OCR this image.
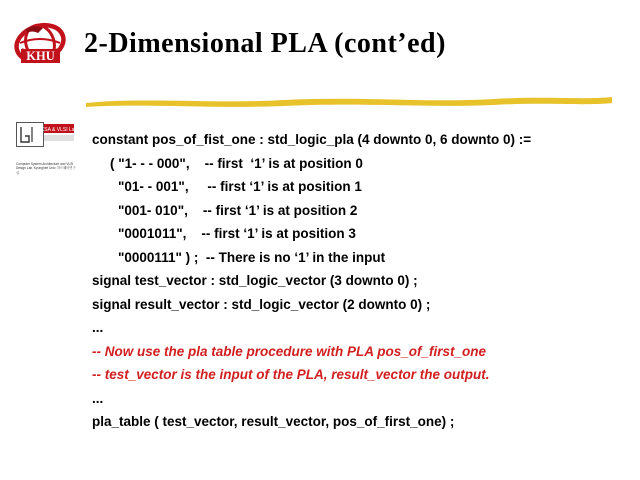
KHU 2-Dimensional PLA (cont’ed)
CSA & VLSI Lab
Computer System Architecture and VLSI Design Lab. Kyunghee Univ. 하드웨어연구실
constant pos_of_fist_one : std_logic_pla (4 downto 0, 6 downto 0) :=
( "1- - - 000",    -- first  ‘1’ is at position 0
"01- - 001",     -- first ‘1’ is at position 1
"001- 010",    -- first ‘1’ is at position 2
"0001011",    -- first ‘1’ is at position 3
"0000111" ) ;  -- There is no ‘1’ in the input
signal test_vector : std_logic_vector (3 downto 0) ;
signal result_vector : std_logic_vector (2 downto 0) ;
...
-- Now use the pla table procedure with PLA pos_of_first_one
-- test_vector is the input of the PLA, result_vector the output.
...
pla_table ( test_vector, result_vector, pos_of_first_one) ;
